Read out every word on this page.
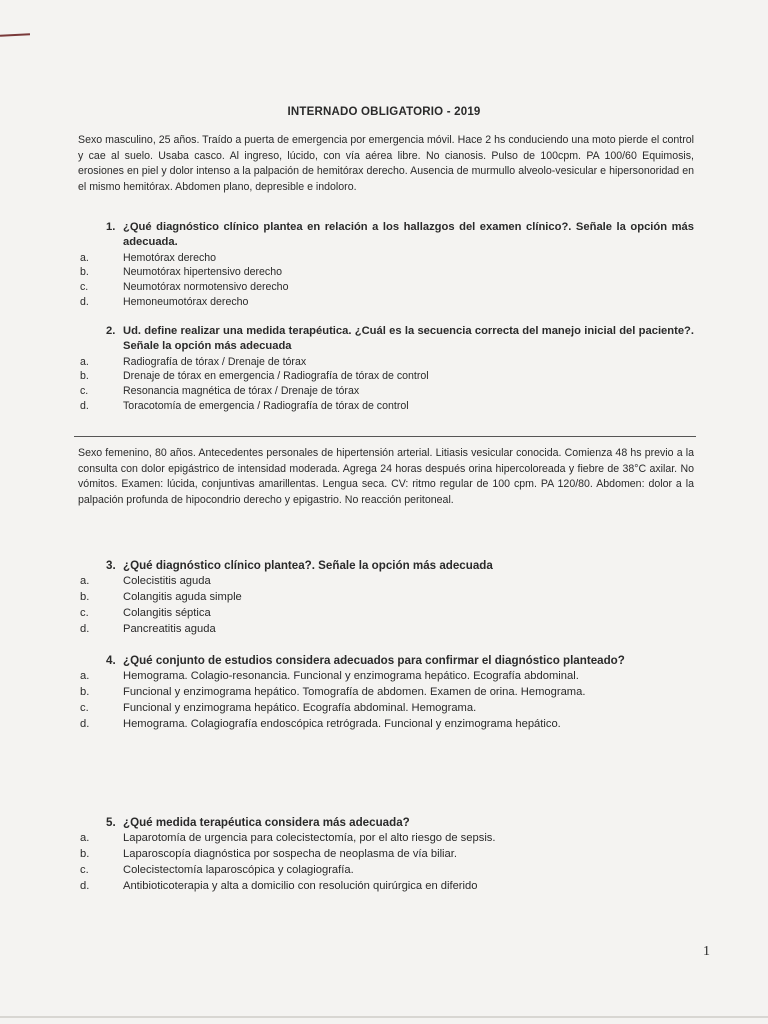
INTERNADO OBLIGATORIO - 2019
Sexo masculino, 25 años. Traído a puerta de emergencia por emergencia móvil. Hace 2 hs conduciendo una moto pierde el control y cae al suelo. Usaba casco. Al ingreso, lúcido, con vía aérea libre. No cianosis. Pulso de 100cpm. PA 100/60 Equimosis, erosiones en piel y dolor intenso a la palpación de hemitórax derecho. Ausencia de murmullo alveolo-vesicular e hipersonoridad en el mismo hemitórax. Abdomen plano, depresible e indoloro.
1. ¿Qué diagnóstico clínico plantea en relación a los hallazgos del examen clínico?. Señale la opción más adecuada.
a.	Hemotórax derecho
b.	Neumotórax hipertensivo derecho
c.	Neumotórax normotensivo derecho
d.	Hemoneumotórax derecho
2. Ud. define realizar una medida terapéutica. ¿Cuál es la secuencia correcta del manejo inicial del paciente?. Señale la opción más adecuada
a.	Radiografía de tórax / Drenaje de tórax
b.	Drenaje de tórax en emergencia / Radiografía de tórax de control
c.	Resonancia magnética de tórax / Drenaje de tórax
d.	Toracotomía de emergencia / Radiografía de tórax de control
Sexo femenino, 80 años. Antecedentes personales de hipertensión arterial. Litiasis vesicular conocida. Comienza 48 hs previo a la consulta con dolor epigástrico de intensidad moderada. Agrega 24 horas después orina hipercoloreada y fiebre de 38°C axilar. No vómitos. Examen: lúcida, conjuntivas amarillentas. Lengua seca. CV: ritmo regular de 100 cpm. PA 120/80. Abdomen: dolor a la palpación profunda de hipocondrio derecho y epigastrio. No reacción peritoneal.
3. ¿Qué diagnóstico clínico plantea?. Señale la opción más adecuada
a.	Colecistitis aguda
b.	Colangitis aguda simple
c.	Colangitis séptica
d.	Pancreatitis aguda
4. ¿Qué conjunto de estudios considera adecuados para confirmar el diagnóstico planteado?
a.	Hemograma. Colagio-resonancia. Funcional y enzimograma hepático. Ecografía abdominal.
b.	Funcional y enzimograma hepático. Tomografía de abdomen. Examen de orina. Hemograma.
c.	Funcional y enzimograma hepático. Ecografía abdominal. Hemograma.
d.	Hemograma. Colagiografía endoscópica retrógrada. Funcional y enzimograma hepático.
5. ¿Qué medida terapéutica considera más adecuada?
a.	Laparotomía de urgencia para colecistectomía, por el alto riesgo de sepsis.
b.	Laparoscopía diagnóstica por sospecha de neoplasma de vía biliar.
c.	Colecistectomía laparoscópica y colagiografía.
d.	Antibioticoterapia y alta a domicilio con resolución quirúrgica en diferido
1
